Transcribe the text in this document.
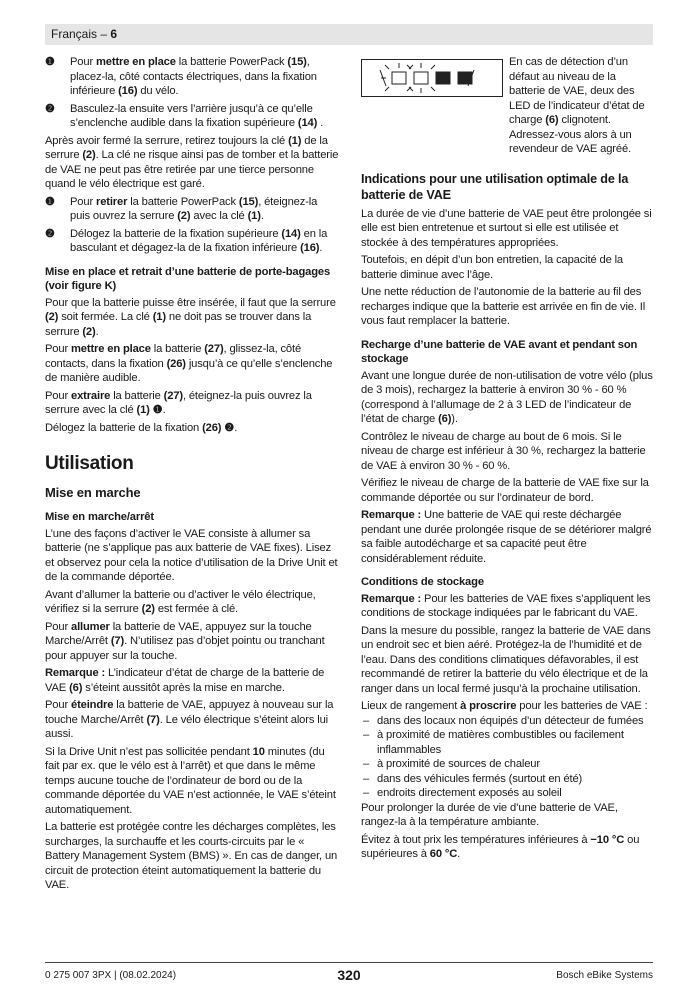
Français – 6
❶ Pour mettre en place la batterie PowerPack (15), placez-la, côté contacts électriques, dans la fixation inférieure (16) du vélo.
❷ Basculez-la ensuite vers l’arrière jusqu’à ce qu’elle s’enclenche audible dans la fixation supérieure (14) .

Après avoir fermé la serrure, retirez toujours la clé (1) de la serrure (2). La clé ne risque ainsi pas de tomber et la batterie de VAE ne peut pas être retirée par une tierce personne quand le vélo électrique est garé.

❶ Pour retirer la batterie PowerPack (15), éteignez-la puis ouvrez la serrure (2) avec la clé (1).
❷ Délogez la batterie de la fixation supérieure (14) en la basculant et dégagez-la de la fixation inférieure (16).
Mise en place et retrait d’une batterie de porte-bagages (voir figure K)

Pour que la batterie puisse être insérée, il faut que la serrure (2) soit fermée. La clé (1) ne doit pas se trouver dans la serrure (2).

Pour mettre en place la batterie (27), glissez-la, côté contacts, dans la fixation (26) jusqu’à ce qu’elle s’enclenche de manière audible.

Pour extraire la batterie (27), éteignez-la puis ouvrez la serrure avec la clé (1) ❶.

Délogez la batterie de la fixation (26) ❷.

Utilisation
Mise en marche
Mise en marche/arrêt

L’une des façons d’activer le VAE consiste à allumer sa batterie (ne s’applique pas aux batterie de VAE fixes). Lisez et observez pour cela la notice d’utilisation de la Drive Unit et de la commande déportée.

Avant d’allumer la batterie ou d’activer le vélo électrique, vérifiez si la serrure (2) est fermée à clé.

Pour allumer la batterie de VAE, appuyez sur la touche Marche/Arrêt (7). N’utilisez pas d’objet pointu ou tranchant pour appuyer sur la touche.

Remarque : L’indicateur d’état de charge de la batterie de VAE (6) s’éteint aussitôt après la mise en marche.

Pour éteindre la batterie de VAE, appuyez à nouveau sur la touche Marche/Arrêt (7). Le vélo électrique s’éteint alors lui aussi.

Si la Drive Unit n’est pas sollicitée pendant 10 minutes (du fait par ex. que le vélo est à l’arrêt) et que dans le même temps aucune touche de l’ordinateur de bord ou de la commande déportée du VAE n’est actionnée, le VAE s’éteint automatiquement.

La batterie est protégée contre les décharges complètes, les surcharges, la surchauffe et les courts-circuits par le « Battery Management System (BMS) ». En cas de danger, un circuit de protection éteint automatiquement la batterie du VAE.

En cas de détection d’un défaut au niveau de la batterie de VAE, deux des LED de l’indicateur d’état de charge (6) clignotent. Adressez-vous alors à un revendeur de VAE agréé.
Indications pour une utilisation optimale de la batterie de VAE

La durée de vie d’une batterie de VAE peut être prolongée si elle est bien entretenue et surtout si elle est utilisée et stockée à des températures appropriées.

Toutefois, en dépit d’un bon entretien, la capacité de la batterie diminue avec l’âge.

Une nette réduction de l’autonomie de la batterie au fil des recharges indique que la batterie est arrivée en fin de vie. Il vous faut remplacer la batterie.

Recharge d’une batterie de VAE avant et pendant son stockage

Avant une longue durée de non-utilisation de votre vélo (plus de 3 mois), rechargez la batterie à environ 30 % - 60 % (correspond à l’allumage de 2 à 3 LED de l’indicateur de l’état de charge (6)).

Contrôlez le niveau de charge au bout de 6 mois. Si le niveau de charge est inférieur à 30 %, rechargez la batterie de VAE à environ 30 % - 60 %.

Vérifiez le niveau de charge de la batterie de VAE fixe sur la commande déportée ou sur l’ordinateur de bord.

Remarque : Une batterie de VAE qui reste déchargée pendant une durée prolongée risque de se détériorer malgré sa faible autodécharge et sa capacité peut être considérablement réduite.

Conditions de stockage

Remarque : Pour les batteries de VAE fixes s’appliquent les conditions de stockage indiquées par le fabricant du VAE.

Dans la mesure du possible, rangez la batterie de VAE dans un endroit sec et bien aéré. Protégez-la de l’humidité et de l’eau. Dans des conditions climatiques défavorables, il est recommandé de retirer la batterie du vélo électrique et de la ranger dans un local fermé jusqu’à la prochaine utilisation.

Lieux de rangement à proscrire pour les batteries de VAE :

– dans des locaux non équipés d’un détecteur de fumées
– à proximité de matières combustibles ou facilement inflammables
– à proximité de sources de chaleur
– dans des véhicules fermés (surtout en été)
– endroits directement exposés au soleil

Pour prolonger la durée de vie d’une batterie de VAE, rangez-la à la température ambiante.

Évitez à tout prix les températures inférieures à −10 °C ou supérieures à 60 °C.

0 275 007 3PX | (08.02.2024)	320	Bosch eBike Systems
